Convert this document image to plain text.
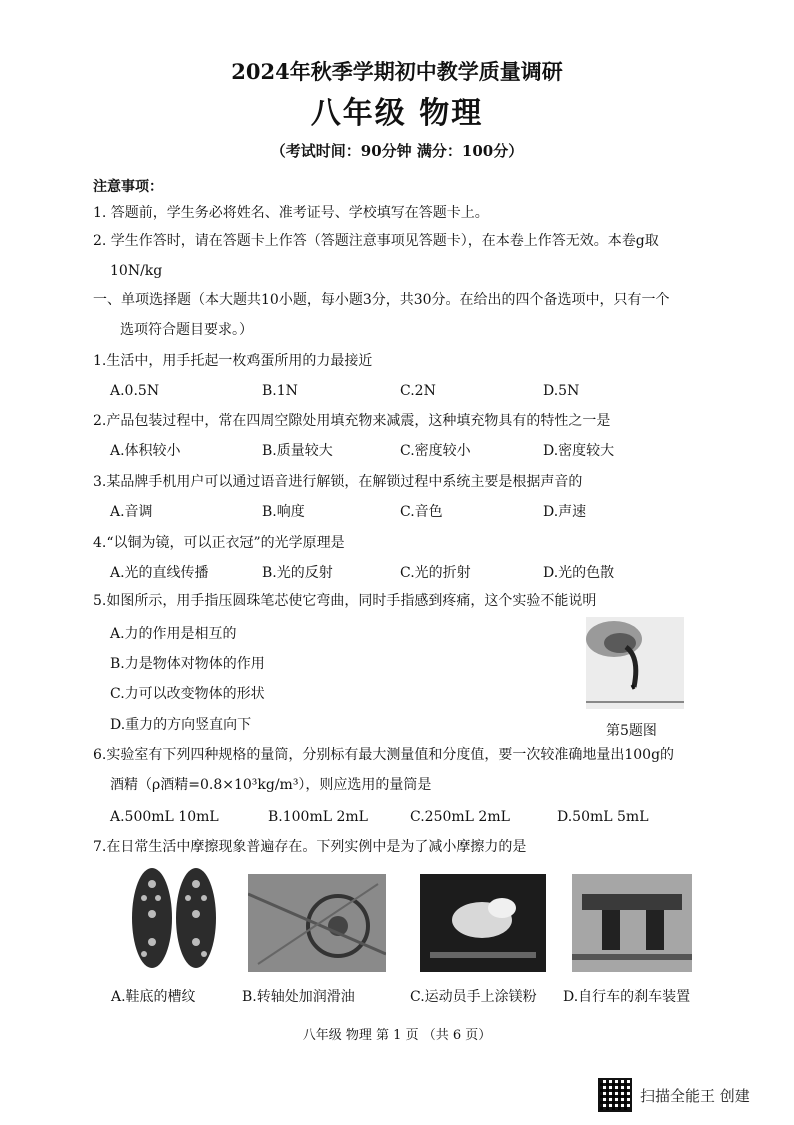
2024年秋季学期初中教学质量调研
八年级 物理
（考试时间：90分钟 满分：100分）
注意事项：
1. 答题前，学生务必将姓名、准考证号、学校填写在答题卡上。
2. 学生作答时，请在答题卡上作答（答题注意事项见答题卡），在本卷上作答无效。本卷g取
10N/kg
一、单项选择题（本大题共10小题，每小题3分，共30分。在给出的四个备选项中，只有一个
选项符合题目要求。）
1.生活中，用手托起一枚鸡蛋所用的力最接近
A.0.5N	B.1N	C.2N	D.5N
2.产品包装过程中，常在四周空隙处用填充物来减震，这种填充物具有的特性之一是
A.体积较小	B.质量较大	C.密度较小	D.密度较大
3.某品牌手机用户可以通过语音进行解锁，在解锁过程中系统主要是根据声音的
A.音调	B.响度	C.音色	D.声速
4.“以铜为镜，可以正衣冠”的光学原理是
A.光的直线传播	B.光的反射	C.光的折射	D.光的色散
5.如图所示，用手指压圆珠笔芯使它弯曲，同时手指感到疼痛，这个实验不能说明
A.力的作用是相互的
B.力是物体对物体的作用
C.力可以改变物体的形状
D.重力的方向竖直向下	第5题图
6.实验室有下列四种规格的量筒，分别标有最大测量值和分度值，要一次较准确地量出100g的
酒精（ρ酒精=0.8×10³kg/m³），则应选用的量筒是
A.500mL 10mL	B.100mL 2mL	C.250mL 2mL	D.50mL 5mL
7.在日常生活中摩擦现象普遍存在。下列实例中是为了减小摩擦力的是
A.鞋底的槽纹	B.转轴处加润滑油	C.运动员手上涂镁粉 D.自行车的刹车装置
八年级 物理 第 1 页 （共 6 页）
扫描全能王 创建
